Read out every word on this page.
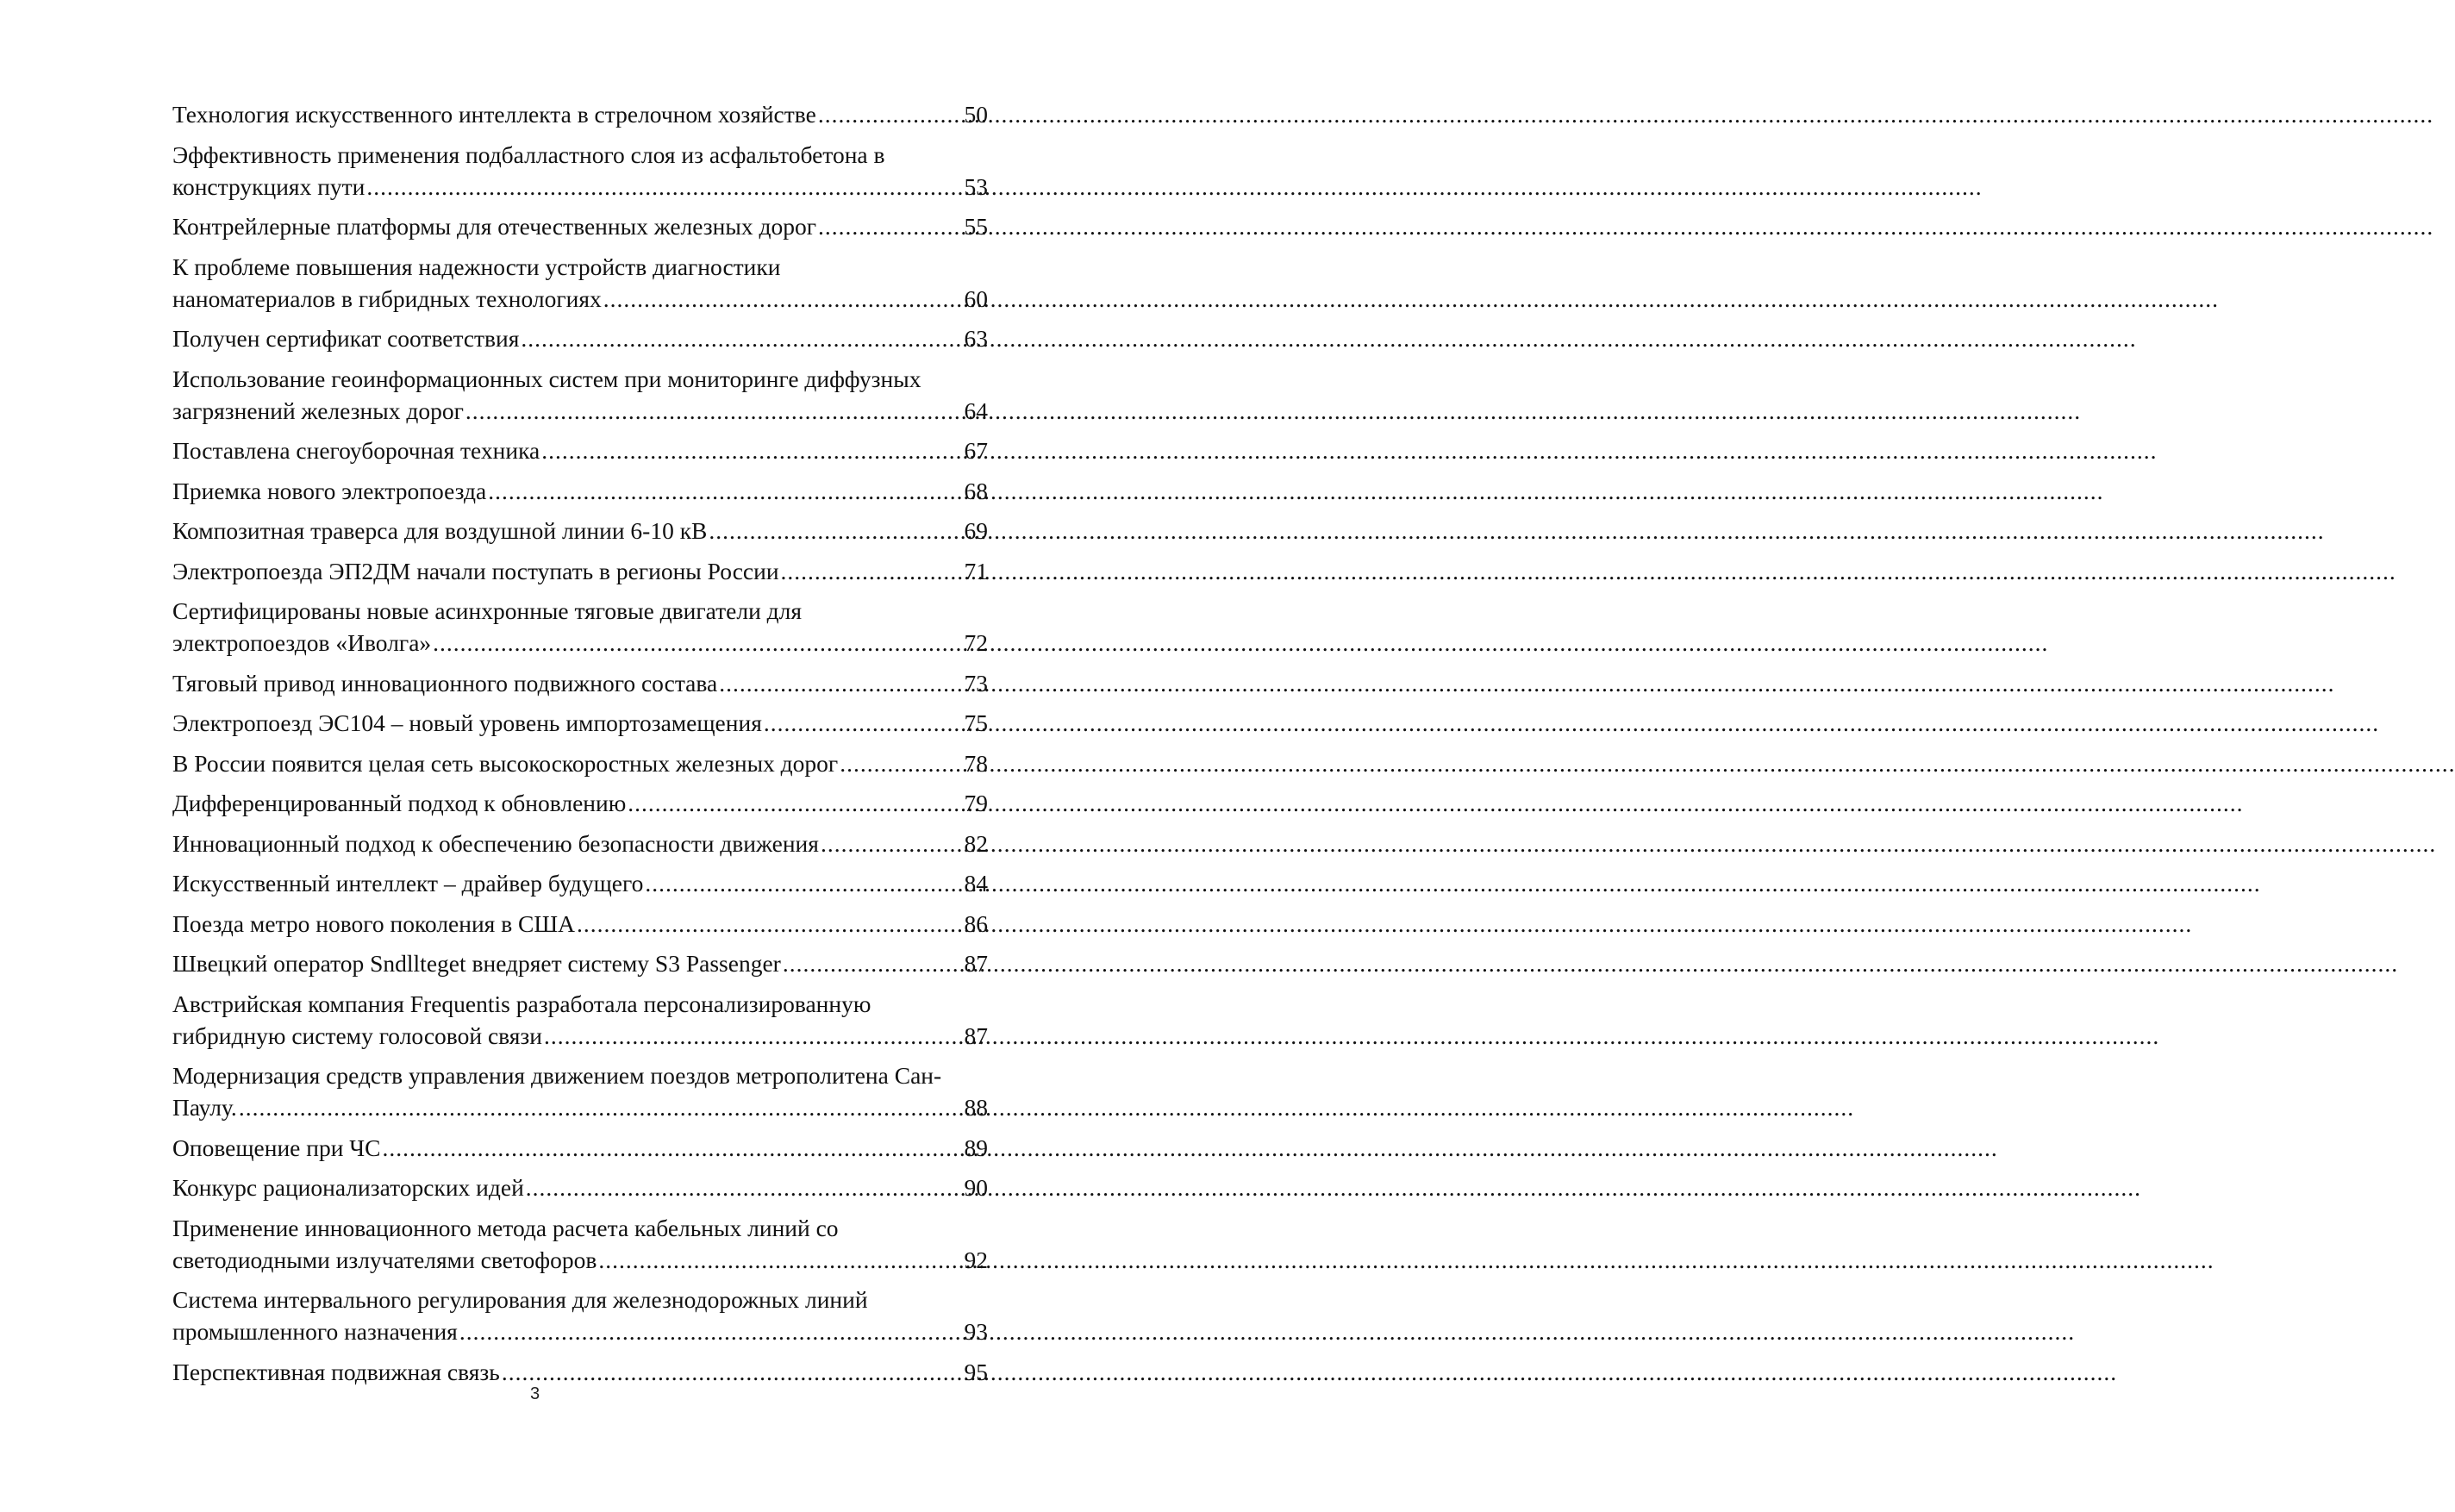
Технология искусственного интеллекта в стрелочном хозяйстве .....	50
Эффективность применения подбалластного слоя из асфальтобетона в
конструкциях пути .....	53
Контрейлерные платформы для отечественных железных дорог .....	55
К проблеме повышения надежности устройств диагностики
наноматериалов в гибридных технологиях .....	60
Получен сертификат соответствия .....	63
Использование геоинформационных систем при мониторинге диффузных
загрязнений железных дорог .....	64
Поставлена снегоуборочная техника .....	67
Приемка нового электропоезда .....	68
Композитная траверса для воздушной линии 6-10 кВ .....	69
Электропоезда ЭП2ДМ начали поступать в регионы России .....	71
Сертифицированы новые асинхронные тяговые двигатели для
электропоездов «Иволга» .....	72
Тяговый привод инновационного подвижного состава .....	73
Электропоезд ЭС104 – новый уровень импортозамещения .....	75
В России появится целая сеть высокоскоростных железных дорог .....	78
Дифференцированный подход к обновлению .....	79
Инновационный подход к обеспечению безопасности движения .....	82
Искусственный интеллект – драйвер будущего .....	84
Поезда метро нового поколения в США .....	86
Швецкий оператор Sndllteget внедряет систему S3 Passenger .....	87
Австрийская компания Frequentis разработала персонализированную
гибридную систему голосовой связи .....	87
Модернизация средств управления движением поездов метрополитена Сан-
Паулу. .....	88
Оповещение при ЧС .....	89
Конкурс рационализаторских идей .....	90
Применение инновационного метода расчета кабельных линий со
светодиодными излучателями светофоров .....	92
Система интервального регулирования для железнодорожных линий
промышленного назначения .....	93
Перспективная подвижная связь .....	95
3
